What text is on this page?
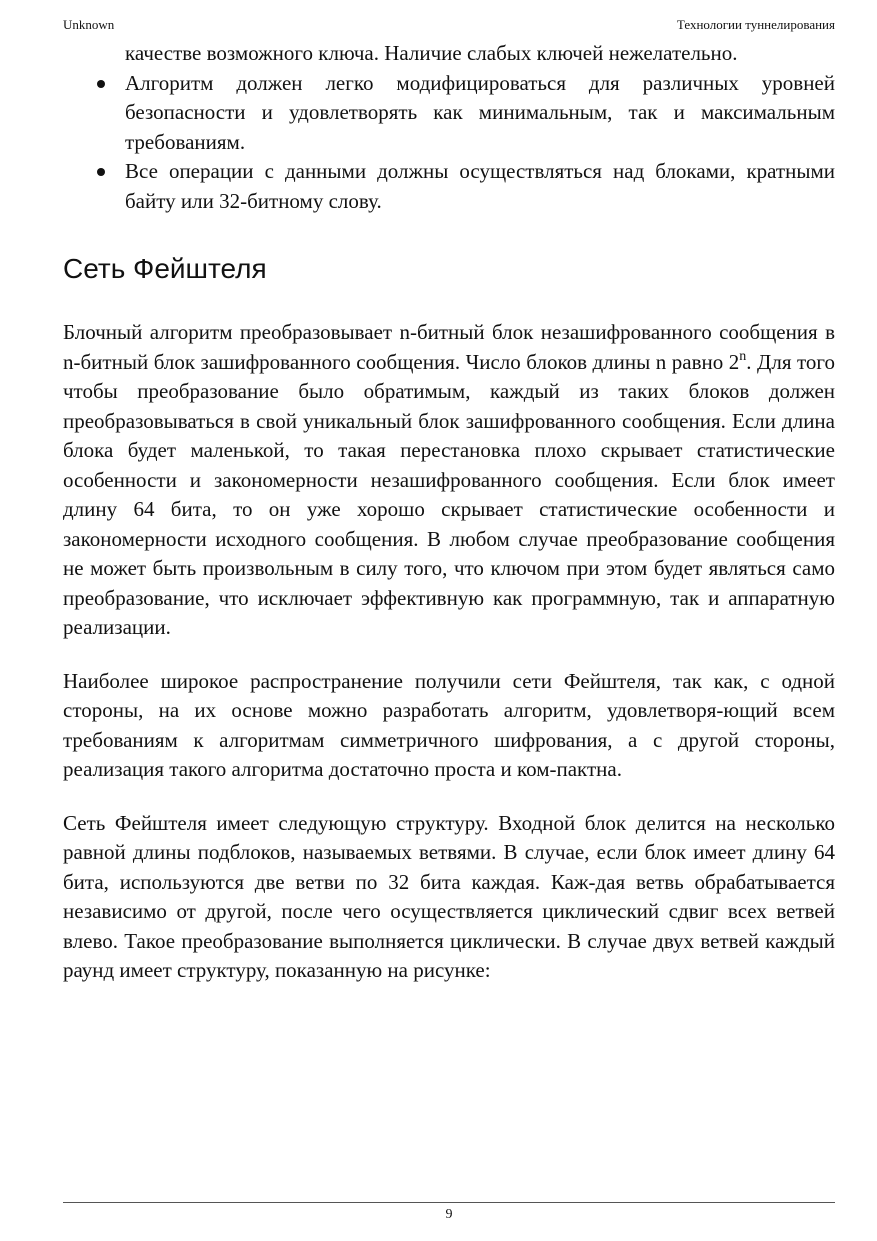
Unknown	Технологии туннелирования

качестве возможного ключа. Наличие слабых ключей нежелательно.

Алгоритм должен легко модифицироваться для различных уровней безопасности и удовлетворять как минимальным, так и максимальным требованиям.
Все операции с данными должны осуществляться над блоками, кратными байту или 32-битному слову.
Сеть Фейштеля

Блочный алгоритм преобразовывает n-битный блок незашифрованного сообщения в n-битный блок зашифрованного сообщения. Число блоков длины n равно 2$^n$. Для того чтобы преобразование было обратимым, каждый из таких блоков должен преобразовываться в свой уникальный блок зашифрованного сообщения. Если длина блока будет маленькой, то такая перестановка плохо скрывает статистические особенности и закономерности незашифрованного сообщения. Если блок имеет длину 64 бита, то он уже хорошо скрывает статистические особенности и закономерности исходного сообщения. В любом случае преобразование сообщения не может быть произвольным в силу того, что ключом при этом будет являться само преобразование, что исключает эффективную как программную, так и аппаратную реализации.

Наиболее широкое распространение получили сети Фейштеля, так как, с одной стороны, на их основе можно разработать алгоритм, удовлетворя-ющий всем требованиям к алгоритмам симметричного шифрования, а с другой стороны, реализация такого алгоритма достаточно проста и ком-пактна.

Сеть Фейштеля имеет следующую структуру. Входной блок делится на несколько равной длины подблоков, называемых ветвями. В случае, если блок имеет длину 64 бита, используются две ветви по 32 бита каждая. Каж-дая ветвь обрабатывается независимо от другой, после чего осуществляется циклический сдвиг всех ветвей влево. Такое преобразование выполняется циклически. В случае двух ветвей каждый раунд имеет структуру, показанную на рисунке:

9
